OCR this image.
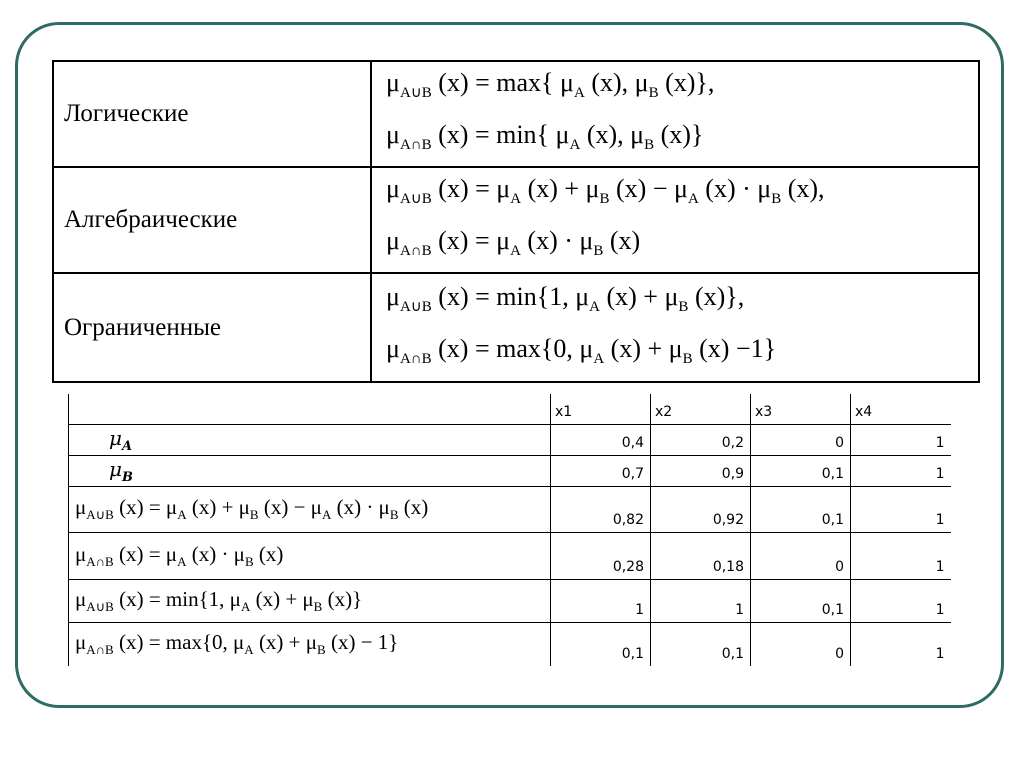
Логические	$\mu_{A\cup B}$ (x) = max{ $\mu_A$ (x), $\mu_B$ (x)},
$\mu_{A\cap B}$ (x) = min{ $\mu_A$ (x), $\mu_B$ (x)}

Алгебраические	$\mu_{A\cup B}$ $(x) = \mu_A$ $(x) + \mu_B$ $(x) - \mu_A$ $(x) \cdot \mu_B$ (x),
$\mu_{A\cap B}$ $(x) = \mu_A$ $(x) \cdot \mu_B$ (x)

Ограниченные	$\mu_{A\cup B}$ (x) = min{1, $\mu_A$ $(x) + \mu_B$ (x)},
$\mu_{A\cap B}$ (x) = max{0, $\mu_A$ $(x) + \mu_B$ (x) −1}
	x1	x2	x3	x4
$\mu_A$	0,4	0,2	0	1
$\mu_B$	0,7	0,9	0,1	1
$\mu_{A\cup B}$ $(x) = \mu_A$ $(x) + \mu_B$ $(x) - \mu_A$ $(x) \cdot \mu_B$ (x)	0,82	0,92	0,1	1
$\mu_{A\cap B}$ $(x) = \mu_A$ $(x) \cdot \mu_B$ (x)	0,28	0,18	0	1
$\mu_{A\cup B}$ (x) = min{1, $\mu_A$ $(x) + \mu_B$ (x)}	1	1	0,1	1
$\mu_{A\cap B}$ (x) = max{0, $\mu_A$ $(x) + \mu_B$ (x) − 1}	0,1	0,1	0	1
